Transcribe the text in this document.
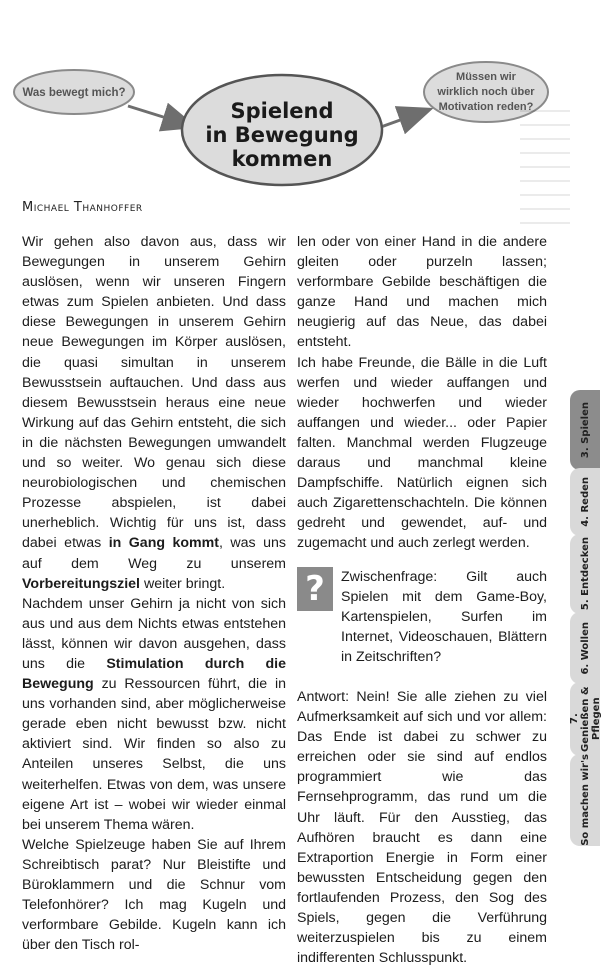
Was bewegt mich?
Spielend
in Bewegung
kommen
Müssen wir
wirklich noch über
Motivation reden?
Michael Thanhoffer

Wir gehen also davon aus, dass wir Bewegungen in unserem Gehirn auslösen, wenn wir unseren Fingern etwas zum Spielen anbieten. Und dass diese Bewegungen in unserem Gehirn neue Bewegungen im Körper auslösen, die quasi simultan in unserem Bewusstsein auftauchen. Und dass aus diesem Bewusstsein heraus eine neue Wirkung auf das Gehirn entsteht, die sich in die nächsten Bewegungen umwandelt und so weiter. Wo genau sich diese neurobiologischen und chemischen Prozesse abspielen, ist dabei unerheblich. Wichtig für uns ist, dass dabei etwas in Gang kommt, was uns auf dem Weg zu unserem Vorbereitungsziel weiter bringt.

Nachdem unser Gehirn ja nicht von sich aus und aus dem Nichts etwas entstehen lässt, können wir davon ausgehen, dass uns die Stimulation durch die Bewegung zu Ressourcen führt, die in uns vorhanden sind, aber möglicherweise gerade eben nicht bewusst bzw. nicht aktiviert sind. Wir finden so also zu Anteilen unseres Selbst, die uns weiterhelfen. Etwas von dem, was unsere eigene Art ist – wobei wir wieder einmal bei unserem Thema wären.

Welche Spielzeuge haben Sie auf Ihrem Schreibtisch parat? Nur Bleistifte und Büroklammern und die Schnur vom Telefonhörer? Ich mag Kugeln und verformbare Gebilde. Kugeln kann ich über den Tisch rol-

len oder von einer Hand in die andere gleiten oder purzeln lassen; verformbare Gebilde beschäftigen die ganze Hand und machen mich neugierig auf das Neue, das dabei entsteht.

Ich habe Freunde, die Bälle in die Luft werfen und wieder auffangen und wieder hochwerfen und wieder auffangen und wieder... oder Papier falten. Manchmal werden Flugzeuge daraus und manchmal kleine Dampfschiffe. Natürlich eignen sich auch Zigarettenschachteln. Die können gedreht und gewendet, auf- und zugemacht und auch zerlegt werden.

?	Zwischenfrage: Gilt auch Spielen mit dem Game-Boy, Kartenspielen, Surfen im Internet, Videoschauen, Blättern in Zeitschriften?

Antwort: Nein! Sie alle ziehen zu viel Aufmerksamkeit auf sich und vor allem: Das Ende ist dabei zu schwer zu erreichen oder sie sind auf endlos programmiert wie das Fernsehprogramm, das rund um die Uhr läuft. Für den Ausstieg, das Aufhören braucht es dann eine Extraportion Energie in Form einer bewussten Entscheidung gegen den fortlaufenden Prozess, den Sog des Spiels, gegen die Verführung weiterzuspielen bis zu einem indifferenten Schlusspunkt.

3. Spielen
4. Reden
5. Entdecken
6. Wollen
7. Genießen & Pflegen
So machen wir's
